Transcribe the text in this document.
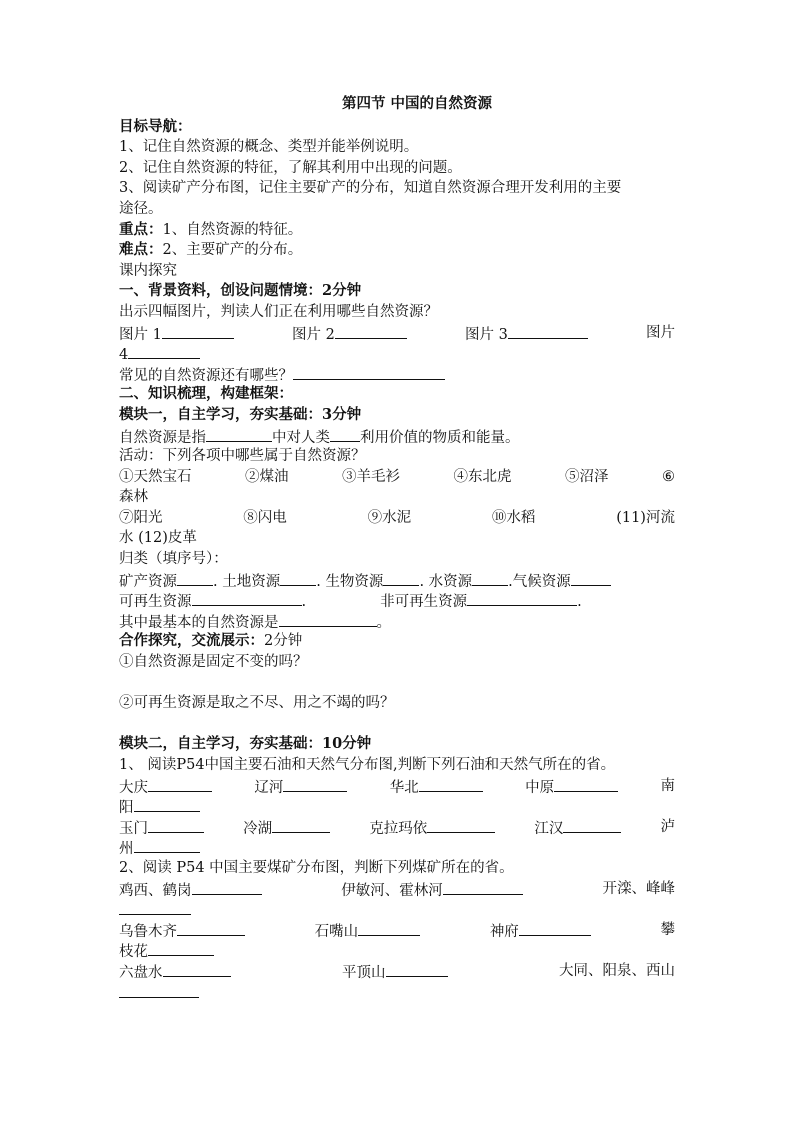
第四节 中国的自然资源
目标导航：
1、记住自然资源的概念、类型并能举例说明。
2、记住自然资源的特征，了解其利用中出现的问题。
3、阅读矿产分布图，记住主要矿产的分布，知道自然资源合理开发利用的主要
途径。
重点：1、自然资源的特征。
难点：2、主要矿产的分布。
课内探究
一、背景资料，创设问题情境：2分钟
出示四幅图片，判读人们正在利用哪些自然资源？
图片 1	图片 2	图片 3	图片
4
常见的自然资源还有哪些？
二、知识梳理，构建框架：
模块一，自主学习，夯实基础：3分钟
自然资源是指	中对人类 利用价值的物质和能量。
活动：下列各项中哪些属于自然资源？
①天然宝石	②煤油	③羊毛衫	④东北虎	⑤沼泽	⑥
森林
⑦阳光	⑧闪电	⑨水泥	⑩水稻	(11)河流
水 (12)皮革
归类（填序号）：
矿产资源 . 土地资源 . 生物资源 . 水资源 .气候资源
可再生资源	.	非可再生资源	.
其中最基本的自然资源是	。
合作探究，交流展示：2分钟
①自然资源是固定不变的吗？
②可再生资源是取之不尽、用之不竭的吗？
模块二，自主学习，夯实基础：10分钟
1、 阅读P54中国主要石油和天然气分布图,判断下列石油和天然气所在的省。
大庆	辽河	华北	中原	南
阳
玉门	冷湖	克拉玛依	江汉	泸
州
2、阅读 P54 中国主要煤矿分布图，判断下列煤矿所在的省。
鸡西、鹤岗	伊敏河、霍林河	开滦、峰峰
乌鲁木齐	石嘴山	神府	攀
枝花
六盘水	平顶山	大同、阳泉、西山
